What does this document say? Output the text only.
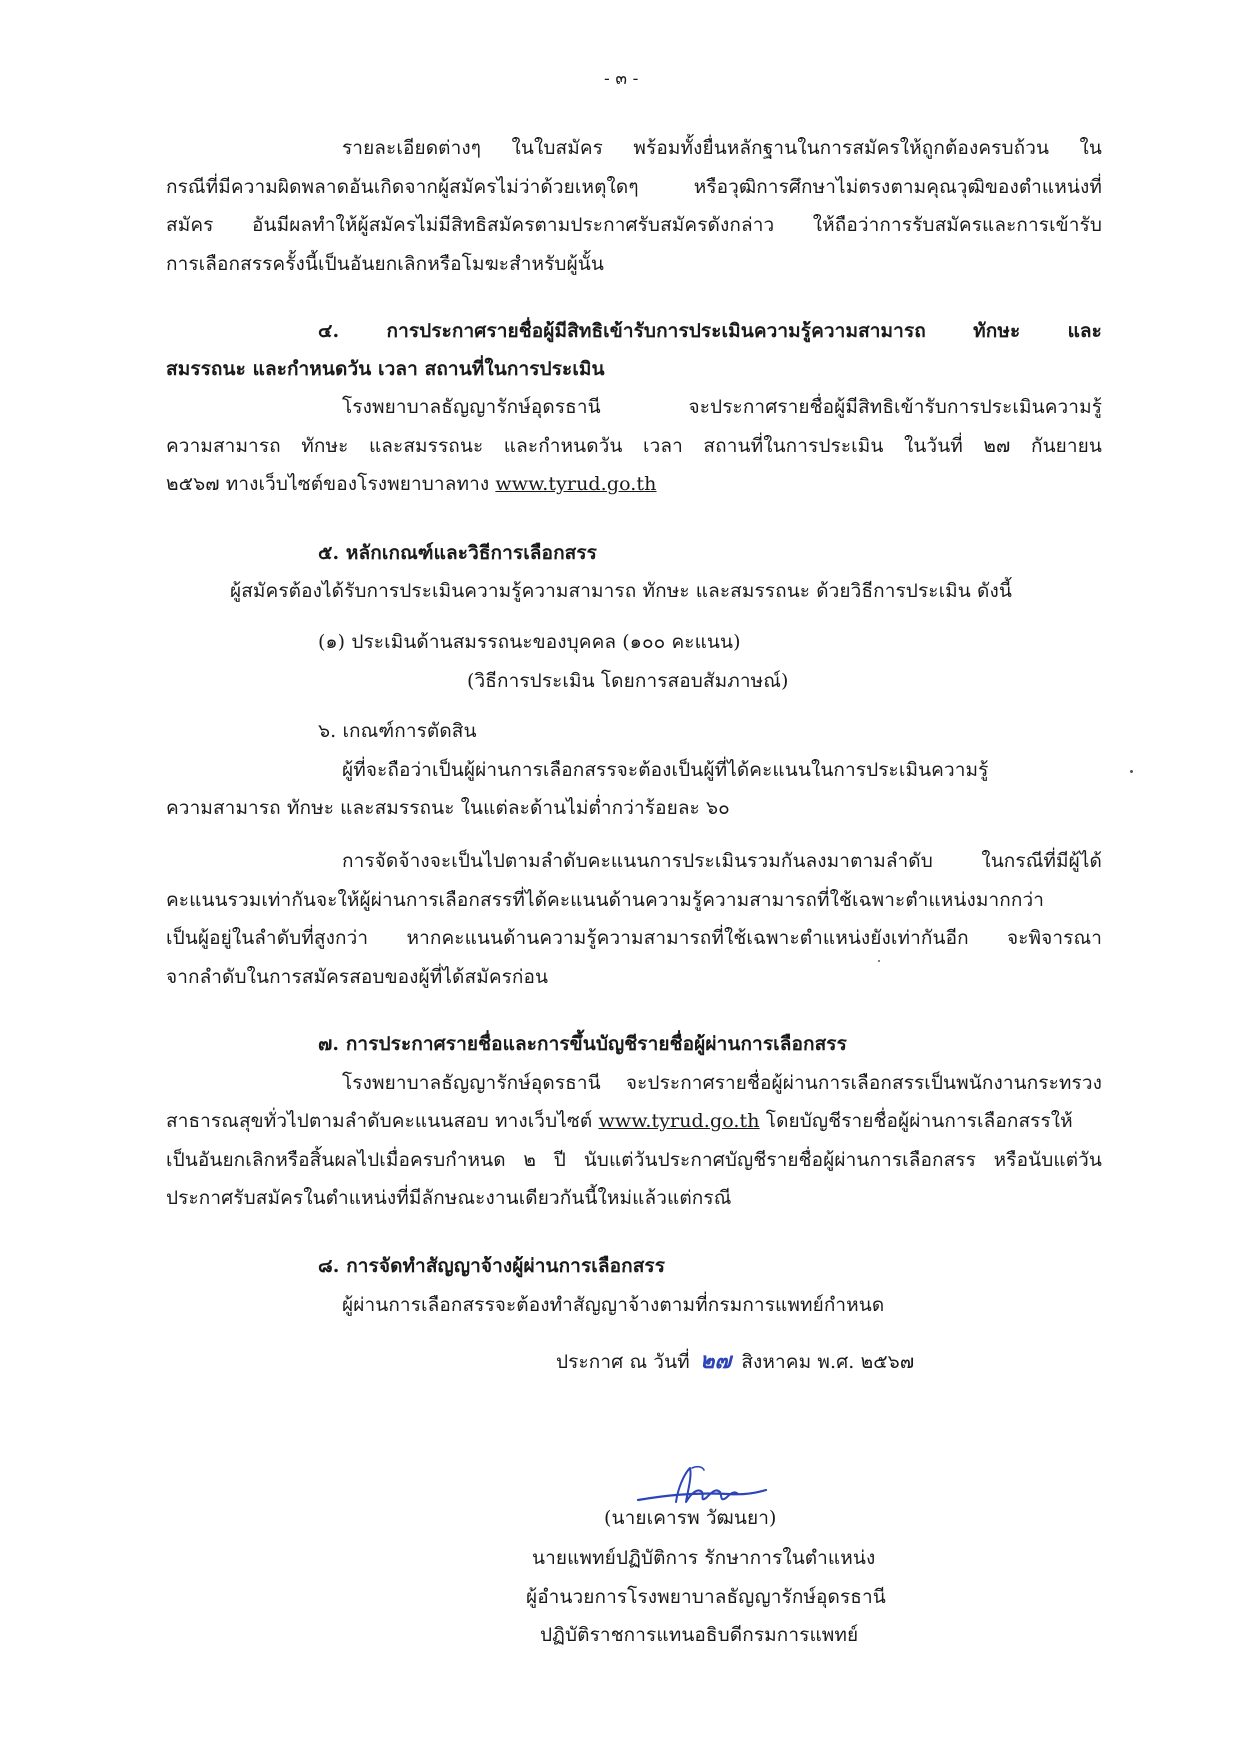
- ๓ -
รายละเอียดต่างๆ ในใบสมัคร พร้อมทั้งยื่นหลักฐานในการสมัครให้ถูกต้องครบถ้วน ใน
กรณีที่มีความผิดพลาดอันเกิดจากผู้สมัครไม่ว่าด้วยเหตุใดๆ หรือวุฒิการศึกษาไม่ตรงตามคุณวุฒิของตำแหน่งที่
สมัคร อันมีผลทำให้ผู้สมัครไม่มีสิทธิสมัครตามประกาศรับสมัครดังกล่าว ให้ถือว่าการรับสมัครและการเข้ารับ
การเลือกสรรครั้งนี้เป็นอันยกเลิกหรือโมฆะสำหรับผู้นั้น
๔. การประกาศรายชื่อผู้มีสิทธิเข้ารับการประเมินความรู้ความสามารถ ทักษะ และ
สมรรถนะ และกำหนดวัน เวลา สถานที่ในการประเมิน
โรงพยาบาลธัญญารักษ์อุดรธานี จะประกาศรายชื่อผู้มีสิทธิเข้ารับการประเมินความรู้
ความสามารถ ทักษะ และสมรรถนะ และกำหนดวัน เวลา สถานที่ในการประเมิน ในวันที่ ๒๗ กันยายน
๒๕๖๗ ทางเว็บไซต์ของโรงพยาบาลทาง www.tyrud.go.th
๕. หลักเกณฑ์และวิธีการเลือกสรร
ผู้สมัครต้องได้รับการประเมินความรู้ความสามารถ ทักษะ และสมรรถนะ ด้วยวิธีการประเมิน ดังนี้
(๑) ประเมินด้านสมรรถนะของบุคคล (๑๐๐ คะแนน)
(วิธีการประเมิน โดยการสอบสัมภาษณ์)
๖. เกณฑ์การตัดสิน
ผู้ที่จะถือว่าเป็นผู้ผ่านการเลือกสรรจะต้องเป็นผู้ที่ได้คะแนนในการประเมินความรู้
ความสามารถ ทักษะ และสมรรถนะ ในแต่ละด้านไม่ต่ำกว่าร้อยละ ๖๐
การจัดจ้างจะเป็นไปตามลำดับคะแนนการประเมินรวมกันลงมาตามลำดับ ในกรณีที่มีผู้ได้
คะแนนรวมเท่ากันจะให้ผู้ผ่านการเลือกสรรที่ได้คะแนนด้านความรู้ความสามารถที่ใช้เฉพาะตำแหน่งมากกว่า
เป็นผู้อยู่ในลำดับที่สูงกว่า หากคะแนนด้านความรู้ความสามารถที่ใช้เฉพาะตำแหน่งยังเท่ากันอีก จะพิจารณา
จากลำดับในการสมัครสอบของผู้ที่ได้สมัครก่อน
๗. การประกาศรายชื่อและการขึ้นบัญชีรายชื่อผู้ผ่านการเลือกสรร
โรงพยาบาลธัญญารักษ์อุดรธานี จะประกาศรายชื่อผู้ผ่านการเลือกสรรเป็นพนักงานกระทรวง
สาธารณสุขทั่วไปตามลำดับคะแนนสอบ ทางเว็บไซต์ www.tyrud.go.th โดยบัญชีรายชื่อผู้ผ่านการเลือกสรรให้
เป็นอันยกเลิกหรือสิ้นผลไปเมื่อครบกำหนด ๒ ปี นับแต่วันประกาศบัญชีรายชื่อผู้ผ่านการเลือกสรร หรือนับแต่วัน
ประกาศรับสมัครในตำแหน่งที่มีลักษณะงานเดียวกันนี้ใหม่แล้วแต่กรณี
๘. การจัดทำสัญญาจ้างผู้ผ่านการเลือกสรร
ผู้ผ่านการเลือกสรรจะต้องทำสัญญาจ้างตามที่กรมการแพทย์กำหนด
ประกาศ ณ วันที่ ๒๗ สิงหาคม พ.ศ. ๒๕๖๗
(นายเคารพ วัฒนยา)
นายแพทย์ปฏิบัติการ รักษาการในตำแหน่ง
ผู้อำนวยการโรงพยาบาลธัญญารักษ์อุดรธานี
ปฏิบัติราชการแทนอธิบดีกรมการแพทย์
